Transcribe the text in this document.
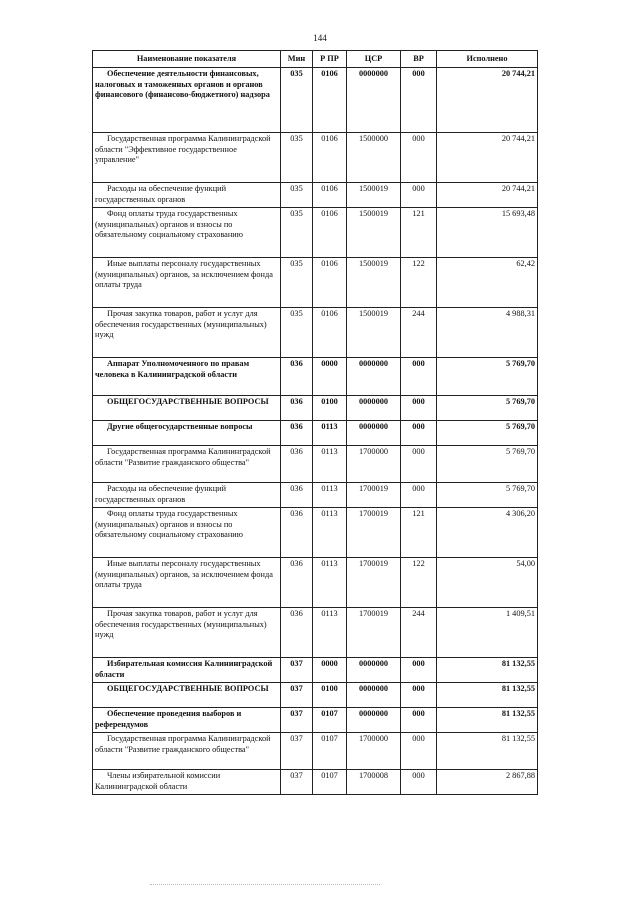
144
Наименование показателя	Мин	Р ПР	ЦСР	ВР	Исполнено
Обеспечение деятельности финансовых, налоговых и таможенных органов и органов финансового (финансово-бюджетного) надзора	035	0106	0000000	000	20 744,21
Государственная программа Калининградской области "Эффективное государственное управление"	035	0106	1500000	000	20 744,21
Расходы на обеспечение функций государственных органов	035	0106	1500019	000	20 744,21
Фонд оплаты труда государственных (муниципальных) органов и взносы по обязательному социальному страхованию	035	0106	1500019	121	15 693,48
Иные выплаты персоналу государственных (муниципальных) органов, за исключением фонда оплаты труда	035	0106	1500019	122	62,42
Прочая закупка товаров, работ и услуг для обеспечения государственных (муниципальных) нужд	035	0106	1500019	244	4 988,31
Аппарат Уполномоченного по правам человека в Калининградской области	036	0000	0000000	000	5 769,70
ОБЩЕГОСУДАРСТВЕННЫЕ ВОПРОСЫ	036	0100	0000000	000	5 769,70
Другие общегосударственные вопросы	036	0113	0000000	000	5 769,70
Государственная программа Калининградской области "Развитие гражданского общества"	036	0113	1700000	000	5 769,70
Расходы на обеспечение функций государственных органов	036	0113	1700019	000	5 769,70
Фонд оплаты труда государственных (муниципальных) органов и взносы по обязательному социальному страхованию	036	0113	1700019	121	4 306,20
Иные выплаты персоналу государственных (муниципальных) органов, за исключением фонда оплаты труда	036	0113	1700019	122	54,00
Прочая закупка товаров, работ и услуг для обеспечения государственных (муниципальных) нужд	036	0113	1700019	244	1 409,51
Избирательная комиссия Калининградской области	037	0000	0000000	000	81 132,55
ОБЩЕГОСУДАРСТВЕННЫЕ ВОПРОСЫ	037	0100	0000000	000	81 132,55
Обеспечение проведения выборов и референдумов	037	0107	0000000	000	81 132,55
Государственная программа Калининградской области "Развитие гражданского общества"	037	0107	1700000	000	81 132,55
Члены избирательной комиссии Калининградской области	037	0107	1700008	000	2 867,88
